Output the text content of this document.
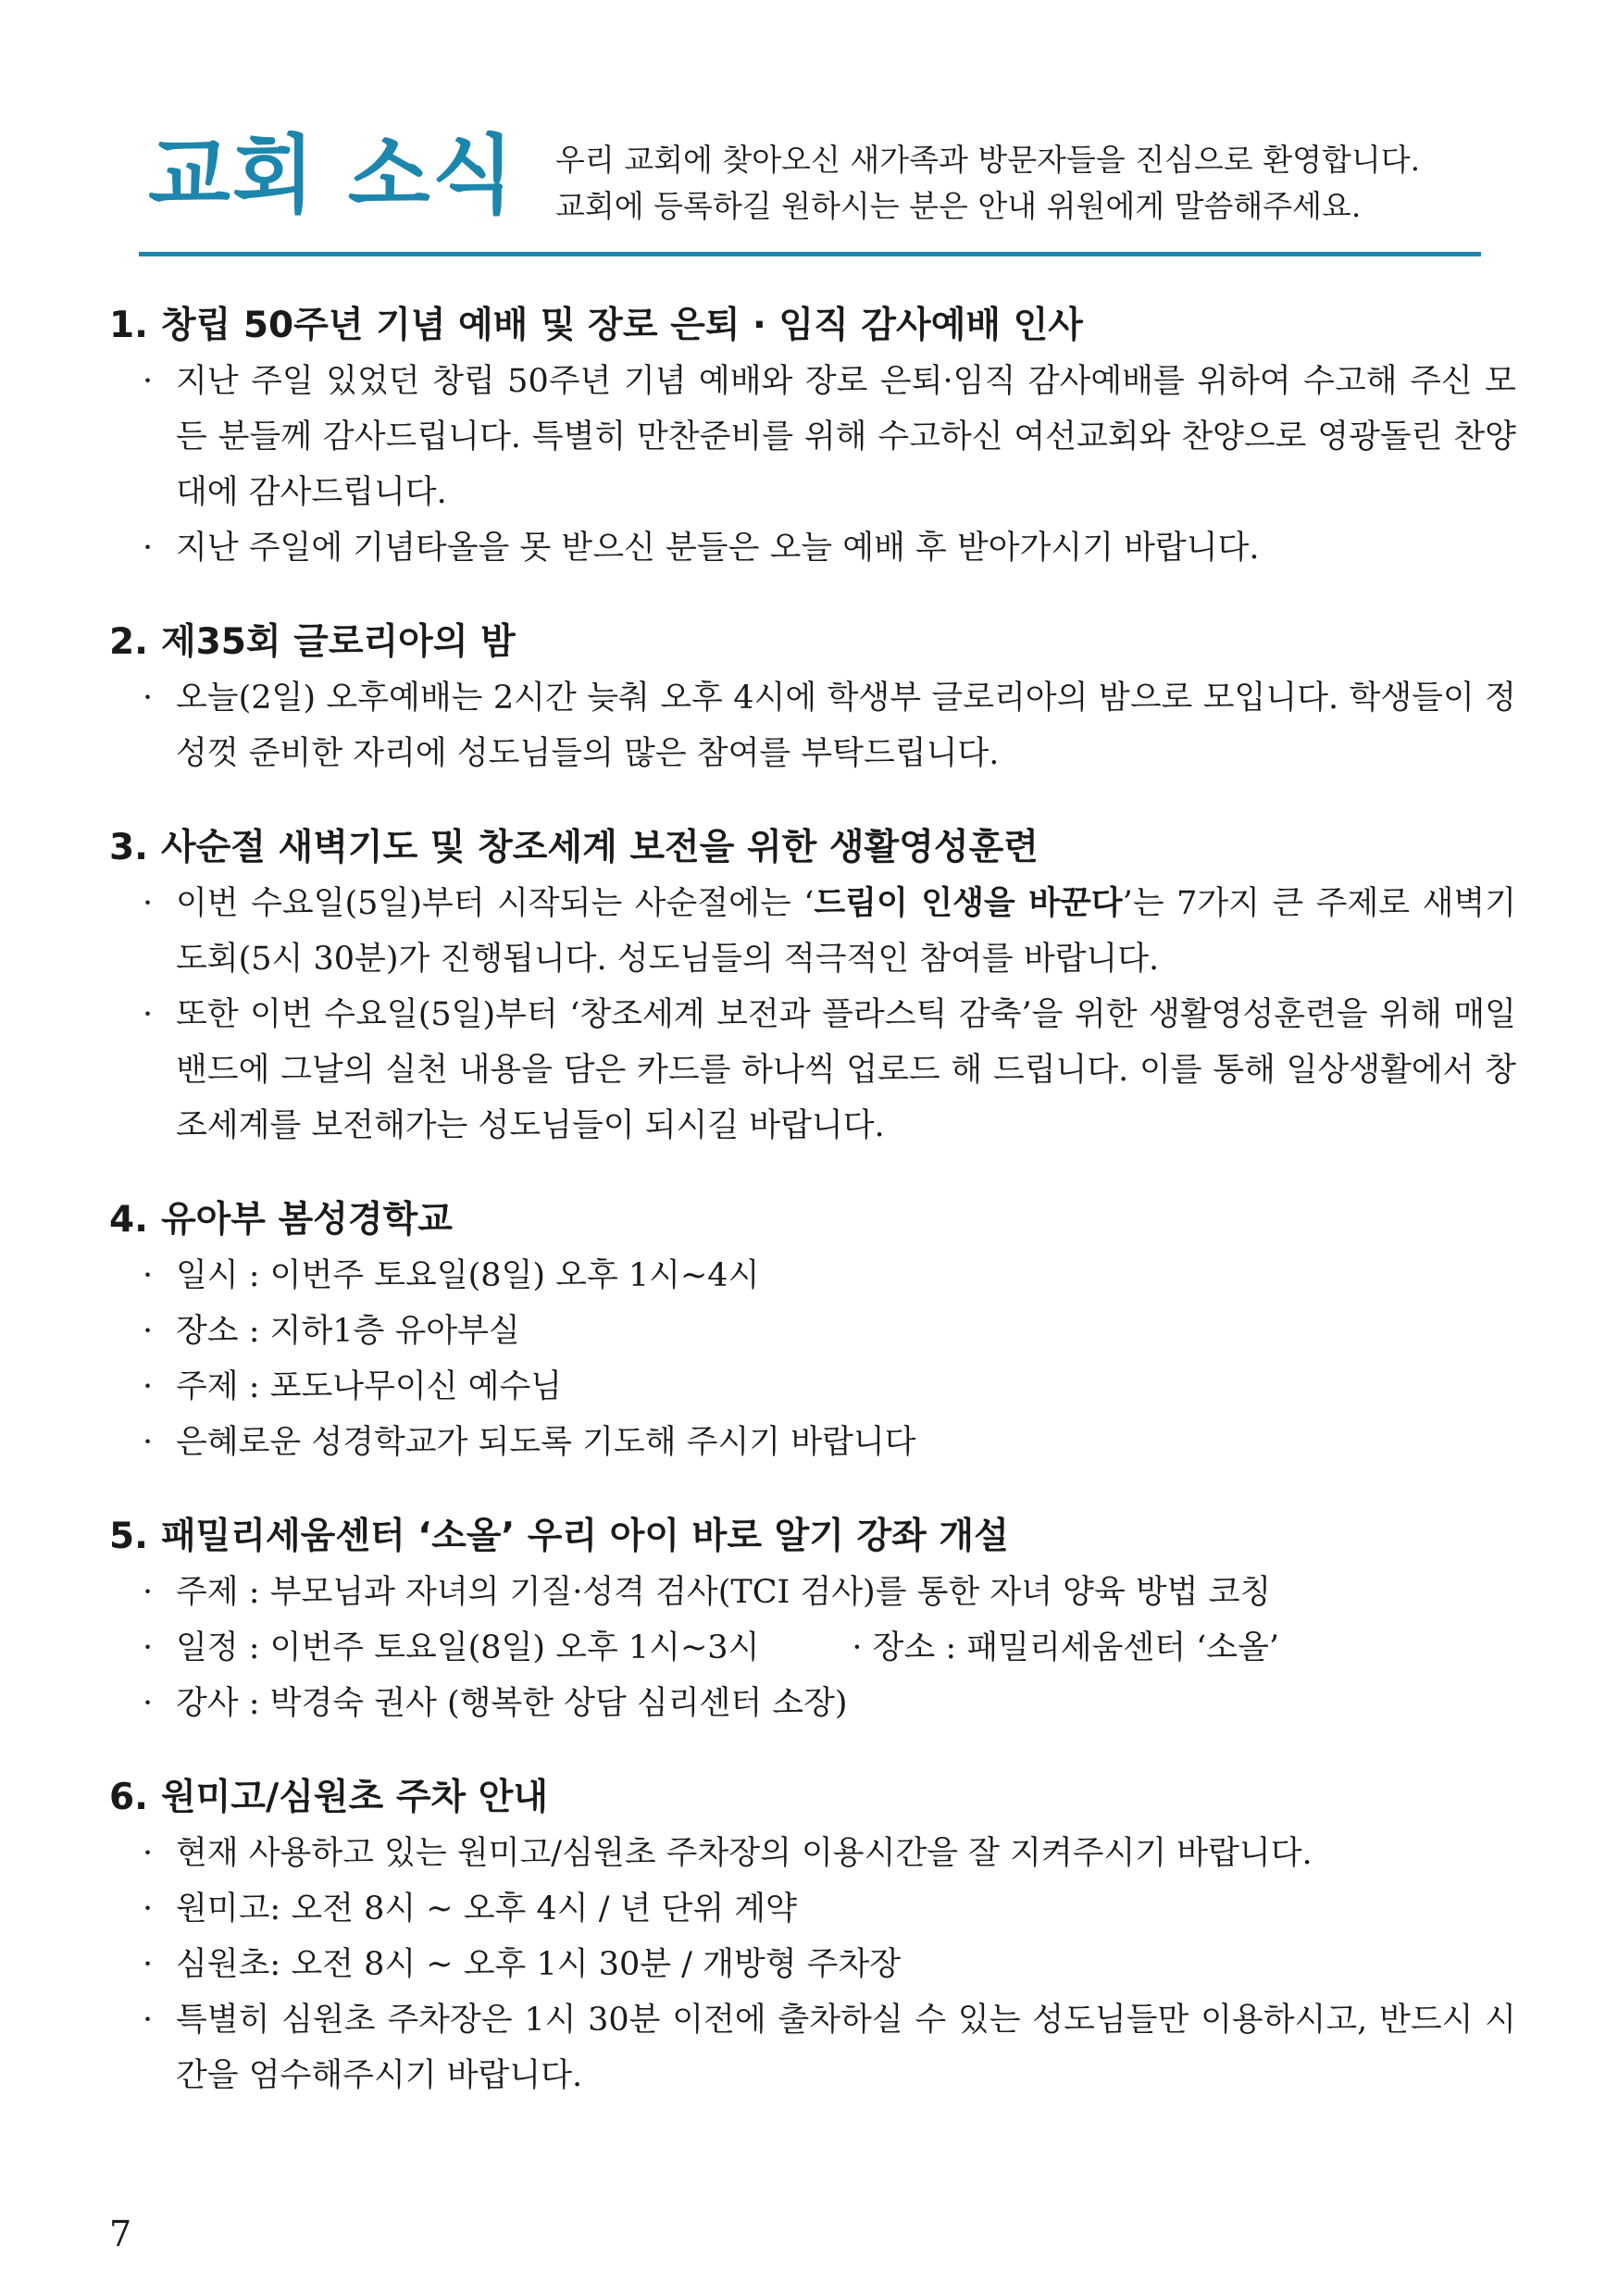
교회 소식 우리 교회에 찾아오신 새가족과 방문자들을 진심으로 환영합니다.
교회에 등록하길 원하시는 분은 안내 위원에게 말씀해주세요.
1. 창립 50주년 기념 예배 및 장로 은퇴 · 임직 감사예배 인사
· 지난 주일 있었던 창립 50주년 기념 예배와 장로 은퇴·임직 감사예배를 위하여 수고해 주신 모든 분들께 감사드립니다. 특별히 만찬준비를 위해 수고하신 여선교회와 찬양으로 영광돌린 찬양대에 감사드립니다.
· 지난 주일에 기념타올을 못 받으신 분들은 오늘 예배 후 받아가시기 바랍니다.
2. 제35회 글로리아의 밤
· 오늘(2일) 오후예배는 2시간 늦춰 오후 4시에 학생부 글로리아의 밤으로 모입니다. 학생들이 정성껏 준비한 자리에 성도님들의 많은 참여를 부탁드립니다.
3. 사순절 새벽기도 및 창조세계 보전을 위한 생활영성훈련
· 이번 수요일(5일)부터 시작되는 사순절에는 ‘드림이 인생을 바꾼다’는 7가지 큰 주제로 새벽기도회(5시 30분)가 진행됩니다. 성도님들의 적극적인 참여를 바랍니다.
· 또한 이번 수요일(5일)부터 ‘창조세계 보전과 플라스틱 감축’을 위한 생활영성훈련을 위해 매일 밴드에 그날의 실천 내용을 담은 카드를 하나씩 업로드 해 드립니다. 이를 통해 일상생활에서 창조세계를 보전해가는 성도님들이 되시길 바랍니다.
4. 유아부 봄성경학교
· 일시 : 이번주 토요일(8일) 오후 1시~4시
· 장소 : 지하1층 유아부실
· 주제 : 포도나무이신 예수님
· 은혜로운 성경학교가 되도록 기도해 주시기 바랍니다
5. 패밀리세움센터 ‘소올’ 우리 아이 바로 알기 강좌 개설
· 주제 : 부모님과 자녀의 기질·성격 검사(TCI 검사)를 통한 자녀 양육 방법 코칭
· 일정 : 이번주 토요일(8일) 오후 1시~3시	· 장소 : 패밀리세움센터 ‘소올’
· 강사 : 박경숙 권사 (행복한 상담 심리센터 소장)
6. 원미고/심원초 주차 안내
· 현재 사용하고 있는 원미고/심원초 주차장의 이용시간을 잘 지켜주시기 바랍니다.
· 원미고: 오전 8시 ~ 오후 4시 / 년 단위 계약
· 심원초: 오전 8시 ~ 오후 1시 30분 / 개방형 주차장
· 특별히 심원초 주차장은 1시 30분 이전에 출차하실 수 있는 성도님들만 이용하시고, 반드시 시간을 엄수해주시기 바랍니다.
7
